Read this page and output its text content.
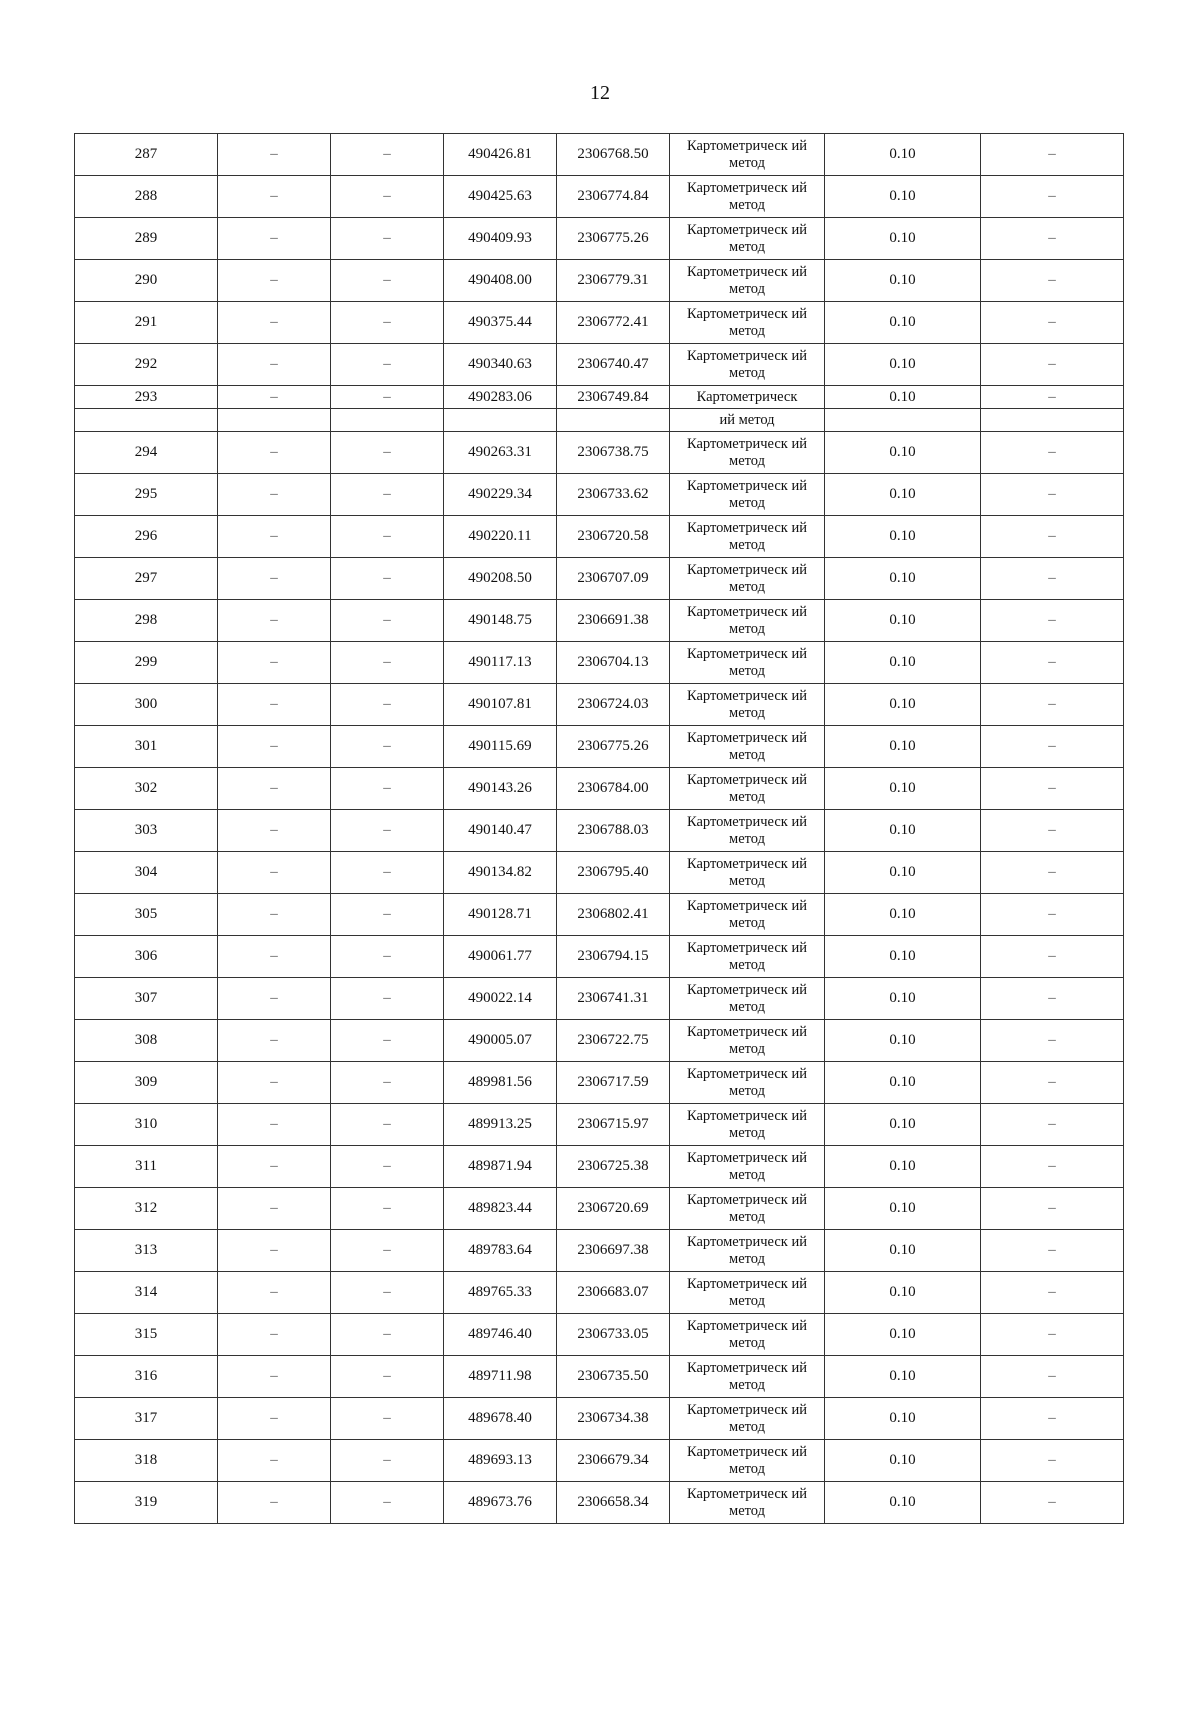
12
287	–	–	490426.81	2306768.50	Картометрическ ий метод	0.10	–
288	–	–	490425.63	2306774.84	Картометрическ ий метод	0.10	–
289	–	–	490409.93	2306775.26	Картометрическ ий метод	0.10	–
290	–	–	490408.00	2306779.31	Картометрическ ий метод	0.10	–
291	–	–	490375.44	2306772.41	Картометрическ ий метод	0.10	–
292	–	–	490340.63	2306740.47	Картометрическ ий метод	0.10	–
293	–	–	490283.06	2306749.84	Картометрическ	0.10	–
					ий метод		
294	–	–	490263.31	2306738.75	Картометрическ ий метод	0.10	–
295	–	–	490229.34	2306733.62	Картометрическ ий метод	0.10	–
296	–	–	490220.11	2306720.58	Картометрическ ий метод	0.10	–
297	–	–	490208.50	2306707.09	Картометрическ ий метод	0.10	–
298	–	–	490148.75	2306691.38	Картометрическ ий метод	0.10	–
299	–	–	490117.13	2306704.13	Картометрическ ий метод	0.10	–
300	–	–	490107.81	2306724.03	Картометрическ ий метод	0.10	–
301	–	–	490115.69	2306775.26	Картометрическ ий метод	0.10	–
302	–	–	490143.26	2306784.00	Картометрическ ий метод	0.10	–
303	–	–	490140.47	2306788.03	Картометрическ ий метод	0.10	–
304	–	–	490134.82	2306795.40	Картометрическ ий метод	0.10	–
305	–	–	490128.71	2306802.41	Картометрическ ий метод	0.10	–
306	–	–	490061.77	2306794.15	Картометрическ ий метод	0.10	–
307	–	–	490022.14	2306741.31	Картометрическ ий метод	0.10	–
308	–	–	490005.07	2306722.75	Картометрическ ий метод	0.10	–
309	–	–	489981.56	2306717.59	Картометрическ ий метод	0.10	–
310	–	–	489913.25	2306715.97	Картометрическ ий метод	0.10	–
311	–	–	489871.94	2306725.38	Картометрическ ий метод	0.10	–
312	–	–	489823.44	2306720.69	Картометрическ ий метод	0.10	–
313	–	–	489783.64	2306697.38	Картометрическ ий метод	0.10	–
314	–	–	489765.33	2306683.07	Картометрическ ий метод	0.10	–
315	–	–	489746.40	2306733.05	Картометрическ ий метод	0.10	–
316	–	–	489711.98	2306735.50	Картометрическ ий метод	0.10	–
317	–	–	489678.40	2306734.38	Картометрическ ий метод	0.10	–
318	–	–	489693.13	2306679.34	Картометрическ ий метод	0.10	–
319	–	–	489673.76	2306658.34	Картометрическ ий метод	0.10	–
